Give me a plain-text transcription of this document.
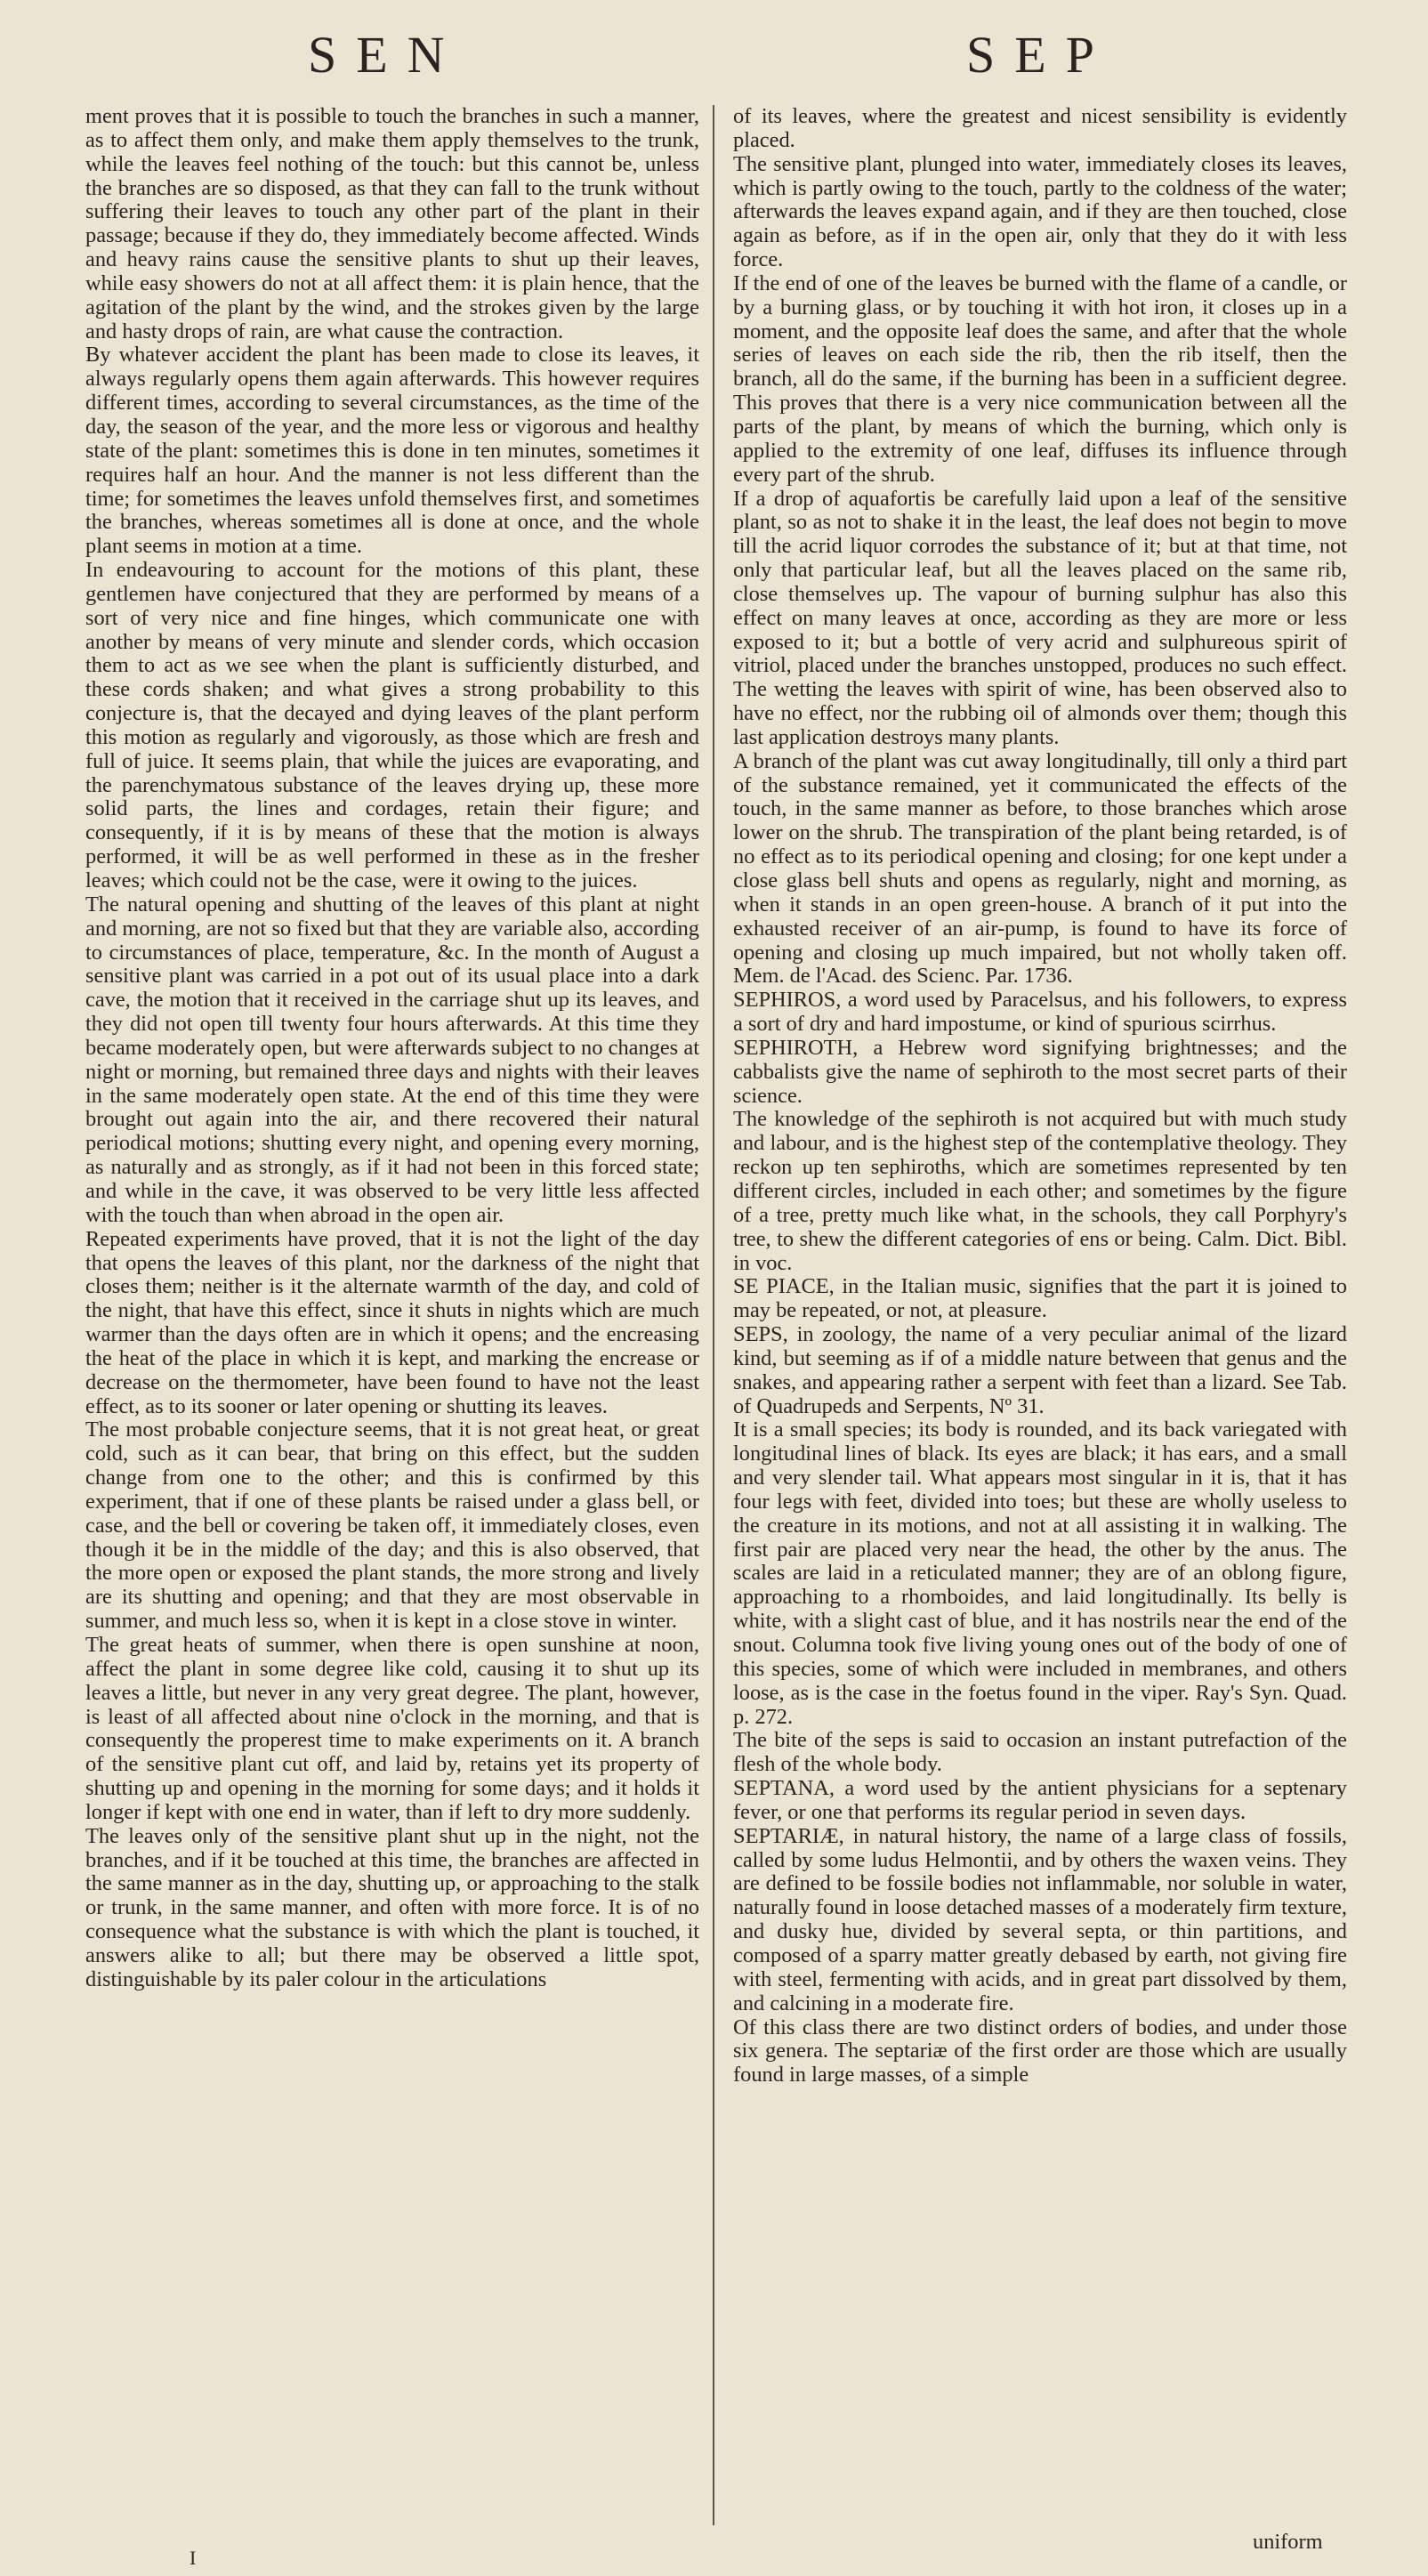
SEN	SEP

ment proves that it is possible to touch the branches in such a manner, as to affect them only, and make them apply themselves to the trunk, while the leaves feel nothing of the touch: but this cannot be, unless the branches are so disposed, as that they can fall to the trunk without suffering their leaves to touch any other part of the plant in their passage; because if they do, they immediately become affected. Winds and heavy rains cause the sensitive plants to shut up their leaves, while easy showers do not at all affect them: it is plain hence, that the agitation of the plant by the wind, and the strokes given by the large and hasty drops of rain, are what cause the contraction.

By whatever accident the plant has been made to close its leaves, it always regularly opens them again afterwards. This however requires different times, according to several circumstances, as the time of the day, the season of the year, and the more less or vigorous and healthy state of the plant: sometimes this is done in ten minutes, sometimes it requires half an hour. And the manner is not less different than the time; for sometimes the leaves unfold themselves first, and sometimes the branches, whereas sometimes all is done at once, and the whole plant seems in motion at a time.

In endeavouring to account for the motions of this plant, these gentlemen have conjectured that they are performed by means of a sort of very nice and fine hinges, which communicate one with another by means of very minute and slender cords, which occasion them to act as we see when the plant is sufficiently disturbed, and these cords shaken; and what gives a strong probability to this conjecture is, that the decayed and dying leaves of the plant perform this motion as regularly and vigorously, as those which are fresh and full of juice. It seems plain, that while the juices are evaporating, and the parenchymatous substance of the leaves drying up, these more solid parts, the lines and cordages, retain their figure; and consequently, if it is by means of these that the motion is always performed, it will be as well performed in these as in the fresher leaves; which could not be the case, were it owing to the juices.

The natural opening and shutting of the leaves of this plant at night and morning, are not so fixed but that they are variable also, according to circumstances of place, temperature, &c. In the month of August a sensitive plant was carried in a pot out of its usual place into a dark cave, the motion that it received in the carriage shut up its leaves, and they did not open till twenty four hours afterwards. At this time they became moderately open, but were afterwards subject to no changes at night or morning, but remained three days and nights with their leaves in the same moderately open state. At the end of this time they were brought out again into the air, and there recovered their natural periodical motions; shutting every night, and opening every morning, as naturally and as strongly, as if it had not been in this forced state; and while in the cave, it was observed to be very little less affected with the touch than when abroad in the open air.

Repeated experiments have proved, that it is not the light of the day that opens the leaves of this plant, nor the darkness of the night that closes them; neither is it the alternate warmth of the day, and cold of the night, that have this effect, since it shuts in nights which are much warmer than the days often are in which it opens; and the encreasing the heat of the place in which it is kept, and marking the encrease or decrease on the thermometer, have been found to have not the least effect, as to its sooner or later opening or shutting its leaves.

The most probable conjecture seems, that it is not great heat, or great cold, such as it can bear, that bring on this effect, but the sudden change from one to the other; and this is confirmed by this experiment, that if one of these plants be raised under a glass bell, or case, and the bell or covering be taken off, it immediately closes, even though it be in the middle of the day; and this is also observed, that the more open or exposed the plant stands, the more strong and lively are its shutting and opening; and that they are most observable in summer, and much less so, when it is kept in a close stove in winter.

The great heats of summer, when there is open sunshine at noon, affect the plant in some degree like cold, causing it to shut up its leaves a little, but never in any very great degree. The plant, however, is least of all affected about nine o'clock in the morning, and that is consequently the properest time to make experiments on it. A branch of the sensitive plant cut off, and laid by, retains yet its property of shutting up and opening in the morning for some days; and it holds it longer if kept with one end in water, than if left to dry more suddenly.

The leaves only of the sensitive plant shut up in the night, not the branches, and if it be touched at this time, the branches are affected in the same manner as in the day, shutting up, or approaching to the stalk or trunk, in the same manner, and often with more force. It is of no consequence what the substance is with which the plant is touched, it answers alike to all; but there may be observed a little spot, distinguishable by its paler colour in the articulations

of its leaves, where the greatest and nicest sensibility is evidently placed.

The sensitive plant, plunged into water, immediately closes its leaves, which is partly owing to the touch, partly to the coldness of the water; afterwards the leaves expand again, and if they are then touched, close again as before, as if in the open air, only that they do it with less force.

If the end of one of the leaves be burned with the flame of a candle, or by a burning glass, or by touching it with hot iron, it closes up in a moment, and the opposite leaf does the same, and after that the whole series of leaves on each side the rib, then the rib itself, then the branch, all do the same, if the burning has been in a sufficient degree. This proves that there is a very nice communication between all the parts of the plant, by means of which the burning, which only is applied to the extremity of one leaf, diffuses its influence through every part of the shrub.

If a drop of aquafortis be carefully laid upon a leaf of the sensitive plant, so as not to shake it in the least, the leaf does not begin to move till the acrid liquor corrodes the substance of it; but at that time, not only that particular leaf, but all the leaves placed on the same rib, close themselves up. The vapour of burning sulphur has also this effect on many leaves at once, according as they are more or less exposed to it; but a bottle of very acrid and sulphureous spirit of vitriol, placed under the branches unstopped, produces no such effect. The wetting the leaves with spirit of wine, has been observed also to have no effect, nor the rubbing oil of almonds over them; though this last application destroys many plants.

A branch of the plant was cut away longitudinally, till only a third part of the substance remained, yet it communicated the effects of the touch, in the same manner as before, to those branches which arose lower on the shrub. The transpiration of the plant being retarded, is of no effect as to its periodical opening and closing; for one kept under a close glass bell shuts and opens as regularly, night and morning, as when it stands in an open green-house. A branch of it put into the exhausted receiver of an air-pump, is found to have its force of opening and closing up much impaired, but not wholly taken off. Mem. de l'Acad. des Scienc. Par. 1736.

SEPHIROS, a word used by Paracelsus, and his followers, to express a sort of dry and hard impostume, or kind of spurious scirrhus.

SEPHIROTH, a Hebrew word signifying brightnesses; and the cabbalists give the name of sephiroth to the most secret parts of their science.

The knowledge of the sephiroth is not acquired but with much study and labour, and is the highest step of the contemplative theology. They reckon up ten sephiroths, which are sometimes represented by ten different circles, included in each other; and sometimes by the figure of a tree, pretty much like what, in the schools, they call Porphyry's tree, to shew the different categories of ens or being. Calm. Dict. Bibl. in voc.

SE PIACE, in the Italian music, signifies that the part it is joined to may be repeated, or not, at pleasure.

SEPS, in zoology, the name of a very peculiar animal of the lizard kind, but seeming as if of a middle nature between that genus and the snakes, and appearing rather a serpent with feet than a lizard. See Tab. of Quadrupeds and Serpents, Nº 31.

It is a small species; its body is rounded, and its back variegated with longitudinal lines of black. Its eyes are black; it has ears, and a small and very slender tail. What appears most singular in it is, that it has four legs with feet, divided into toes; but these are wholly useless to the creature in its motions, and not at all assisting it in walking. The first pair are placed very near the head, the other by the anus. The scales are laid in a reticulated manner; they are of an oblong figure, approaching to a rhomboides, and laid longitudinally. Its belly is white, with a slight cast of blue, and it has nostrils near the end of the snout. Columna took five living young ones out of the body of one of this species, some of which were included in membranes, and others loose, as is the case in the foetus found in the viper. Ray's Syn. Quad. p. 272.

The bite of the seps is said to occasion an instant putrefaction of the flesh of the whole body.

SEPTANA, a word used by the antient physicians for a septenary fever, or one that performs its regular period in seven days.

SEPTARIÆ, in natural history, the name of a large class of fossils, called by some ludus Helmontii, and by others the waxen veins. They are defined to be fossile bodies not inflammable, nor soluble in water, naturally found in loose detached masses of a moderately firm texture, and dusky hue, divided by several septa, or thin partitions, and composed of a sparry matter greatly debased by earth, not giving fire with steel, fermenting with acids, and in great part dissolved by them, and calcining in a moderate fire.

Of this class there are two distinct orders of bodies, and under those six genera. The septariæ of the first order are those which are usually found in large masses, of a simple

I
uniform
